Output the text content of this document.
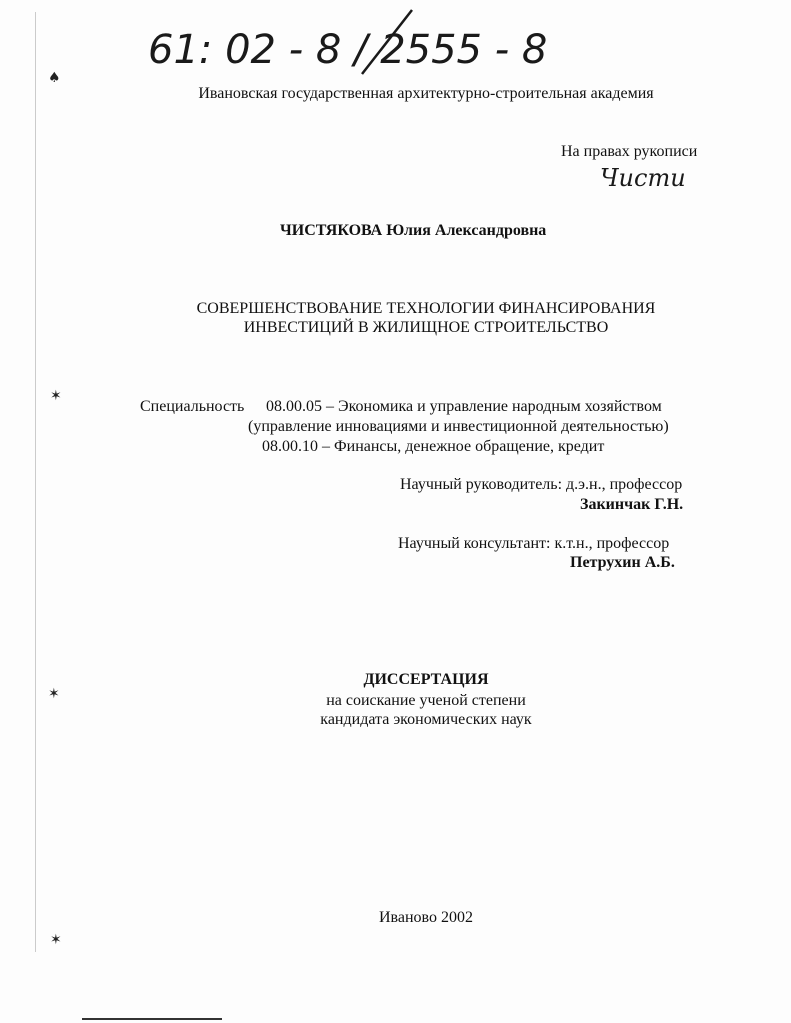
61: 02 - 8 / 2555 - 8
♠
✶
✶
✶
Ивановская государственная архитектурно-строительная академия
На правах рукописи
Чисти
ЧИСТЯКОВА Юлия Александровна
СОВЕРШЕНСТВОВАНИЕ ТЕХНОЛОГИИ ФИНАНСИРОВАНИЯ
ИНВЕСТИЦИЙ В ЖИЛИЩНОЕ СТРОИТЕЛЬСТВО
Специальность 08.00.05 – Экономика и управление народным хозяйством
(управление инновациями и инвестиционной деятельностью)
08.00.10 – Финансы, денежное обращение, кредит
Научный руководитель: д.э.н., профессор
Закинчак Г.Н.
Научный консультант: к.т.н., профессор
Петрухин А.Б.
ДИССЕРТАЦИЯ
на соискание ученой степени
кандидата экономических наук
Иваново 2002
